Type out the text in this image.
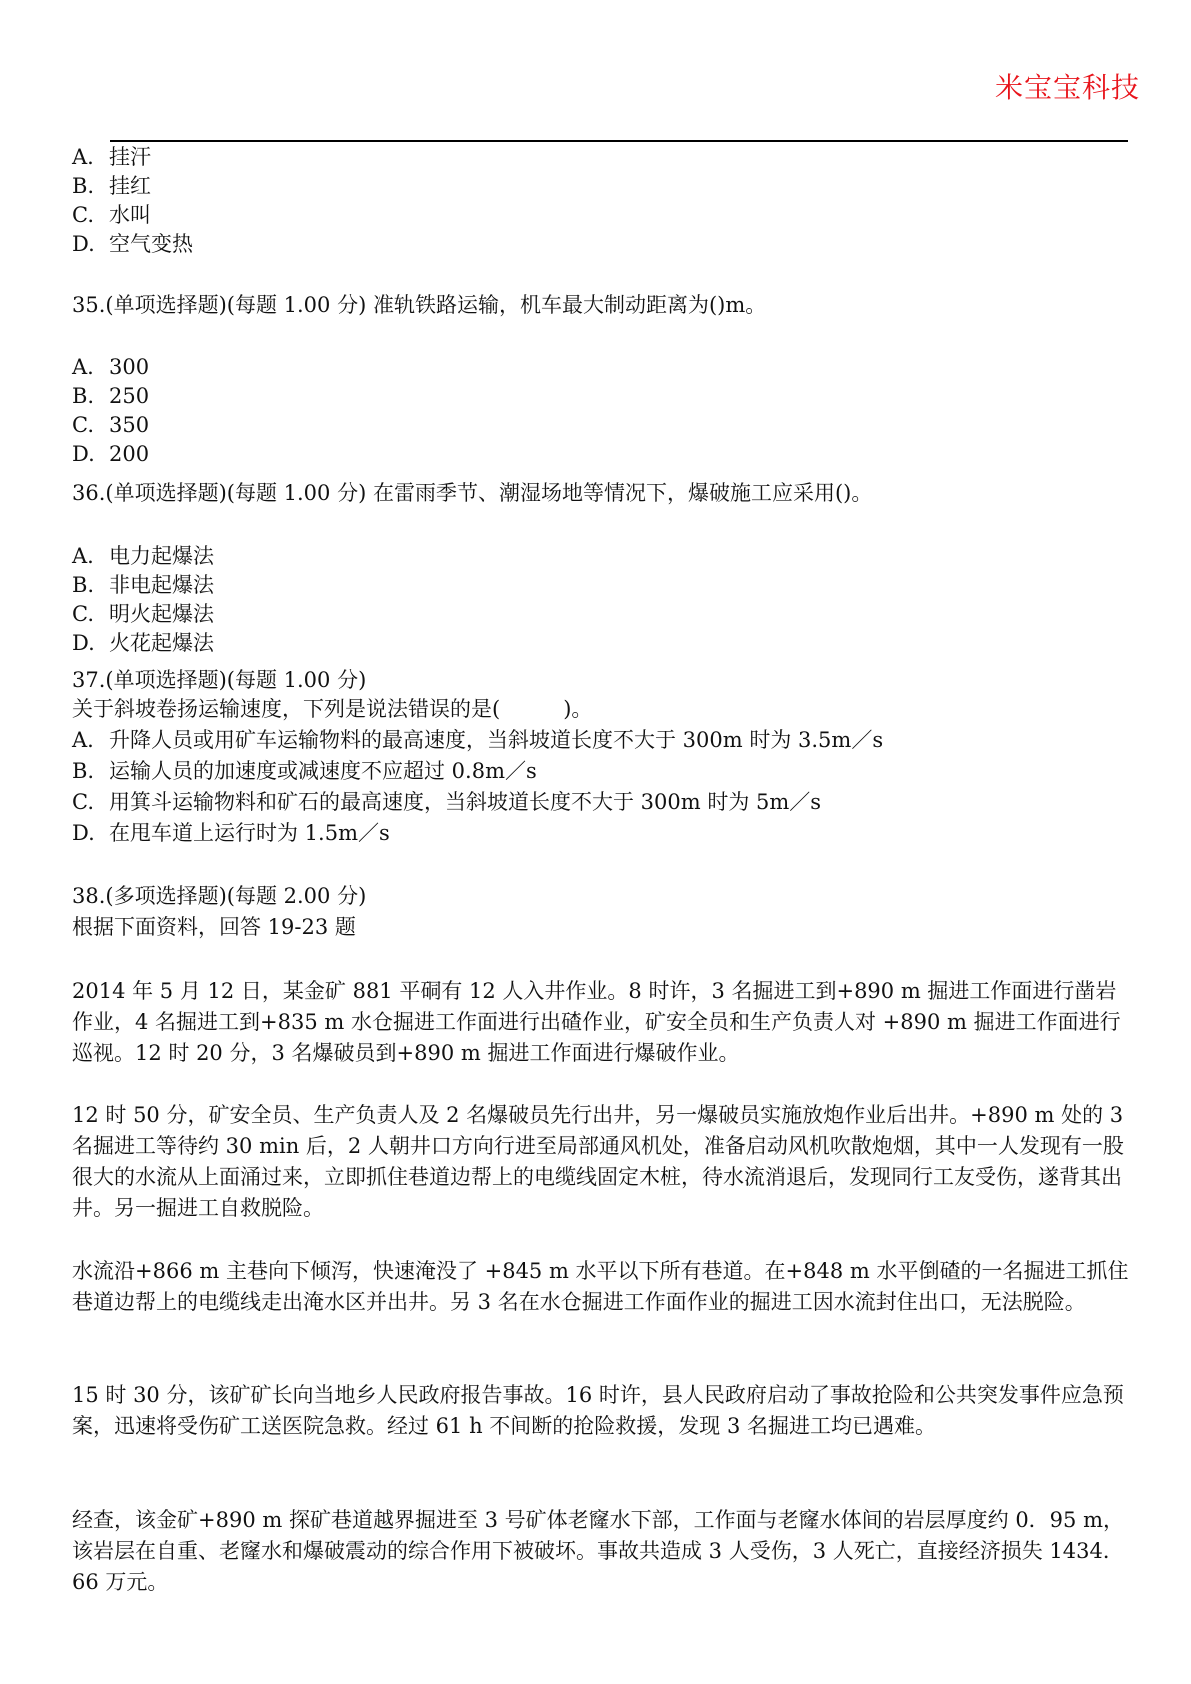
米宝宝科技
A. 挂汗
B. 挂红
C. 水叫
D. 空气变热
35.(单项选择题)(每题 1.00 分) 准轨铁路运输，机车最大制动距离为()m。
A. 300
B. 250
C. 350
D. 200
36.(单项选择题)(每题 1.00 分) 在雷雨季节、潮湿场地等情况下，爆破施工应采用()。
A. 电力起爆法
B. 非电起爆法
C. 明火起爆法
D. 火花起爆法
37.(单项选择题)(每题 1.00 分)
关于斜坡卷扬运输速度，下列是说法错误的是(　　　)。
A. 升降人员或用矿车运输物料的最高速度，当斜坡道长度不大于 300m 时为 3.5m／s
B. 运输人员的加速度或减速度不应超过 0.8m／s
C. 用箕斗运输物料和矿石的最高速度，当斜坡道长度不大于 300m 时为 5m／s
D. 在甩车道上运行时为 1.5m／s
38.(多项选择题)(每题 2.00 分)
根据下面资料，回答 19-23 题
2014 年 5 月 12 日，某金矿 881 平硐有 12 人入井作业。8 时许，3 名掘进工到+890 m 掘进工作面进行凿岩作业，4 名掘进工到+835 m 水仓掘进工作面进行出碴作业，矿安全员和生产负责人对 +890 m 掘进工作面进行巡视。12 时 20 分，3 名爆破员到+890 m 掘进工作面进行爆破作业。
12 时 50 分，矿安全员、生产负责人及 2 名爆破员先行出井，另一爆破员实施放炮作业后出井。+890 m 处的 3 名掘进工等待约 30 min 后，2 人朝井口方向行进至局部通风机处，准备启动风机吹散炮烟，其中一人发现有一股很大的水流从上面涌过来，立即抓住巷道边帮上的电缆线固定木桩，待水流消退后，发现同行工友受伤，遂背其出井。另一掘进工自救脱险。
水流沿+866 m 主巷向下倾泻，快速淹没了 +845 m 水平以下所有巷道。在+848 m 水平倒碴的一名掘进工抓住巷道边帮上的电缆线走出淹水区并出井。另 3 名在水仓掘进工作面作业的掘进工因水流封住出口，无法脱险。
15 时 30 分，该矿矿长向当地乡人民政府报告事故。16 时许，县人民政府启动了事故抢险和公共突发事件应急预案，迅速将受伤矿工送医院急救。经过 61 h 不间断的抢险救援，发现 3 名掘进工均已遇难。
经查，该金矿+890 m 探矿巷道越界掘进至 3 号矿体老窿水下部，工作面与老窿水体间的岩层厚度约 0．95 m，该岩层在自重、老窿水和爆破震动的综合作用下被破坏。事故共造成 3 人受伤，3 人死亡，直接经济损失 1434．66 万元。
